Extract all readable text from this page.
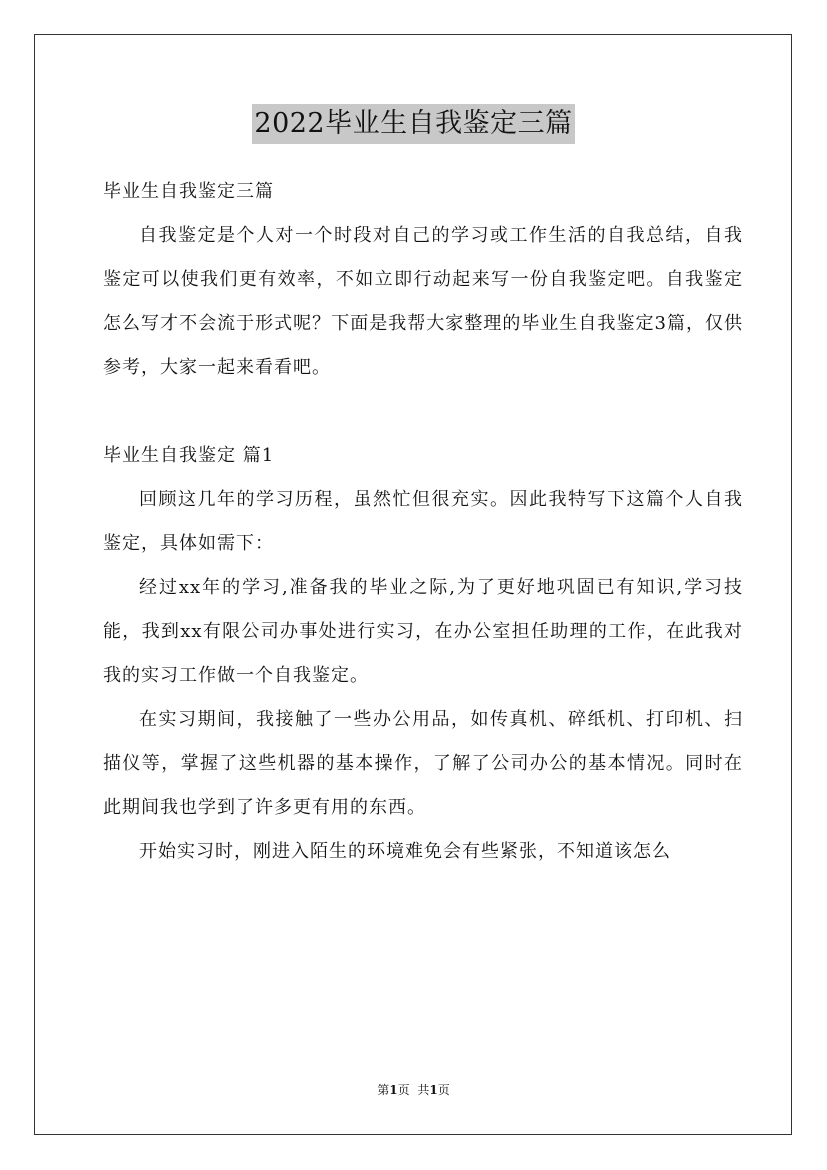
2022毕业生自我鉴定三篇

毕业生自我鉴定三篇

自我鉴定是个人对一个时段对自己的学习或工作生活的自我总结，自我鉴定可以使我们更有效率，不如立即行动起来写一份自我鉴定吧。自我鉴定怎么写才不会流于形式呢？下面是我帮大家整理的毕业生自我鉴定3篇，仅供参考，大家一起来看看吧。

毕业生自我鉴定 篇1

回顾这几年的学习历程，虽然忙但很充实。因此我特写下这篇个人自我鉴定，具体如需下：

经过xx年的学习,准备我的毕业之际,为了更好地巩固已有知识,学习技能，我到xx有限公司办事处进行实习，在办公室担任助理的工作，在此我对我的实习工作做一个自我鉴定。

在实习期间，我接触了一些办公用品，如传真机、碎纸机、打印机、扫描仪等，掌握了这些机器的基本操作，了解了公司办公的基本情况。同时在此期间我也学到了许多更有用的东西。

开始实习时，刚进入陌生的环境难免会有些紧张，不知道该怎么

第1页 共1页
